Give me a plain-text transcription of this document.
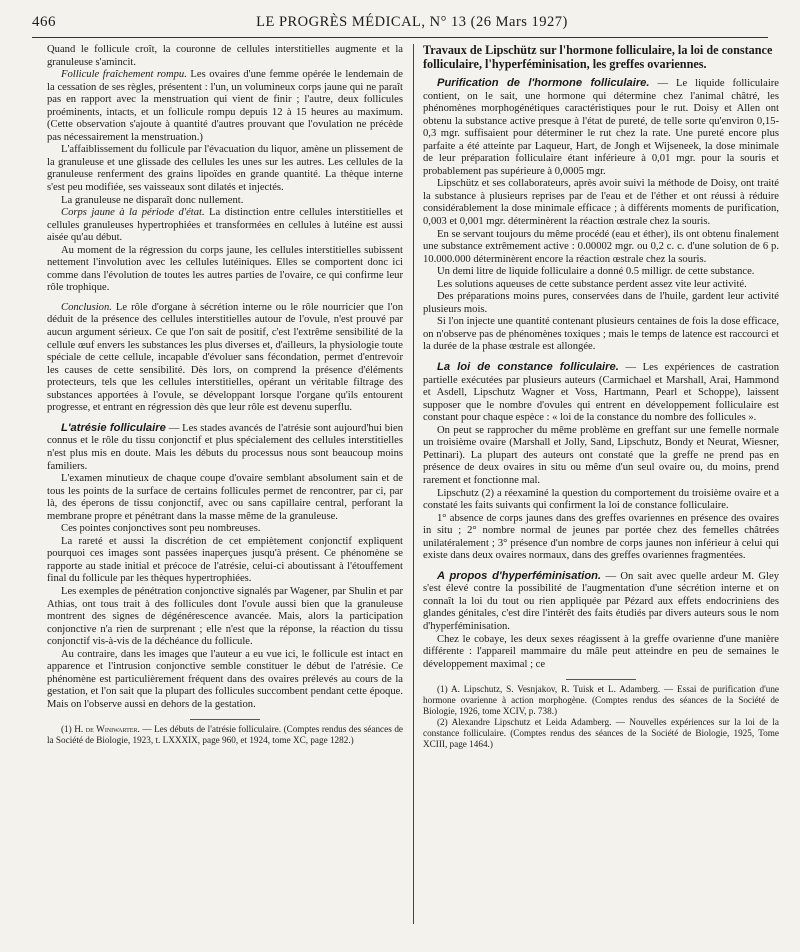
466	LE PROGRÈS MÉDICAL, N° 13 (26 Mars 1927)

Quand le follicule croît, la couronne de cellules interstitielles augmente et la granuleuse s'amincit.

Follicule fraîchement rompu. Les ovaires d'une femme opérée le lendemain de la cessation de ses règles, présentent : l'un, un volumineux corps jaune qui ne paraît pas en rapport avec la menstruation qui vient de finir ; l'autre, deux follicules proéminents, intacts, et un follicule rompu depuis 12 à 15 heures au maximum. (Cette observation s'ajoute à quantité d'autres prouvant que l'ovulation ne précède pas nécessairement la menstruation.)

L'affaiblissement du follicule par l'évacuation du liquor, amène un plissement de la granuleuse et une glissade des cellules les unes sur les autres. Les cellules de la granuleuse renferment des grains lipoïdes en grande quantité. La thèque interne s'est peu modifiée, ses vaisseaux sont dilatés et injectés.

La granuleuse ne disparaît donc nullement.

Corps jaune à la période d'état. La distinction entre cellules interstitielles et cellules granuleuses hypertrophiées et transformées en cellules à lutéine est aussi aisée qu'au début.

Au moment de la régression du corps jaune, les cellules interstitielles subissent nettement l'involution avec les cellules lutéiniques. Elles se comportent donc ici comme dans l'évolution de toutes les autres parties de l'ovaire, ce qui confirme leur rôle trophique.

Conclusion. Le rôle d'organe à sécrétion interne ou le rôle nourricier que l'on déduit de la présence des cellules interstitielles autour de l'ovule, n'est prouvé par aucun argument sérieux. Ce que l'on sait de positif, c'est l'extrême sensibilité de la cellule œuf envers les substances les plus diverses et, d'ailleurs, la physiologie toute spéciale de cette cellule, incapable d'évoluer sans fécondation, permet d'entrevoir les causes de cette sensibilité. Dès lors, on comprend la présence d'éléments protecteurs, tels que les cellules interstitielles, opérant un véritable filtrage des substances apportées à l'ovule, se développant lorsque l'organe qu'ils entourent progresse, et entrant en régression dès que leur rôle est devenu superflu.

L'atrésie folliculaire — Les stades avancés de l'atrésie sont aujourd'hui bien connus et le rôle du tissu conjonctif et plus spécialement des cellules interstitielles n'est plus mis en doute. Mais les débuts du processus nous sont beaucoup moins familiers.

L'examen minutieux de chaque coupe d'ovaire semblant absolument sain et de tous les points de la surface de certains follicules permet de rencontrer, par ci, par là, des éperons de tissu conjonctif, avec ou sans capillaire central, perforant la membrane propre et pénétrant dans la masse même de la granuleuse.

Ces pointes conjonctives sont peu nombreuses.

La rareté et aussi la discrétion de cet empiètement conjonctif expliquent pourquoi ces images sont passées inaperçues jusqu'à présent. Ce phénomène se rapporte au stade initial et précoce de l'atrésie, celui-ci aboutissant à l'étouffement final du follicule par les thèques hypertrophiées.

Les exemples de pénétration conjonctive signalés par Wagener, par Shulin et par Athias, ont tous trait à des follicules dont l'ovule aussi bien que la granuleuse montrent des signes de dégénérescence avancée. Mais, alors la participation conjonctive n'a rien de surprenant ; elle n'est que la réponse, la réaction du tissu conjonctif vis-à-vis de la déchéance du follicule.

Au contraire, dans les images que l'auteur a eu vue ici, le follicule est intact en apparence et l'intrusion conjonctive semble constituer le début de l'atrésie. Ce phénomène est particulièrement fréquent dans des ovaires prélevés au cours de la gestation, et l'on sait que la plupart des follicules succombent pendant cette époque. Mais on l'observe aussi en dehors de la gestation.

(1) H. de Winiwarter. — Les débuts de l'atrésie folliculaire. (Comptes rendus des séances de la Société de Biologie, 1923, t. LXXXIX, page 960, et 1924, tome XC, page 1282.)

Travaux de Lipschütz sur l'hormone folliculaire, la loi de constance folliculaire, l'hyperféminisation, les greffes ovariennes.

Purification de l'hormone folliculaire. — Le liquide folliculaire contient, on le sait, une hormone qui détermine chez l'animal châtré, les phénomènes morphogénétiques caractéristiques pour le rut. Doisy et Allen ont obtenu la substance active presque à l'état de pureté, de telle sorte qu'environ 0,15-0,3 mgr. suffisaient pour déterminer le rut chez la rate. Une pureté encore plus parfaite a été atteinte par Laqueur, Hart, de Jongh et Wijseneek, la dose minimale de leur préparation folliculaire étant inférieure à 0,01 mgr. pour la souris et probablement pas supérieure à 0,0005 mgr.

Lipschütz et ses collaborateurs, après avoir suivi la méthode de Doisy, ont traité la substance à plusieurs reprises par de l'eau et de l'éther et ont réussi à réduire considérablement la dose minimale efficace ; à différents moments de purification, 0,003 et 0,001 mgr. déterminèrent la réaction œstrale chez la souris.

En se servant toujours du même procédé (eau et éther), ils ont obtenu finalement une substance extrêmement active : 0.00002 mgr. ou 0,2 c. c. d'une solution de 6 p. 10.000.000 déterminèrent encore la réaction œstrale chez la souris.

Un demi litre de liquide folliculaire a donné 0.5 milligr. de cette substance.

Les solutions aqueuses de cette substance perdent assez vite leur activité.

Des préparations moins pures, conservées dans de l'huile, gardent leur activité plusieurs mois.

Si l'on injecte une quantité contenant plusieurs centaines de fois la dose efficace, on n'observe pas de phénomènes toxiques ; mais le temps de latence est raccourci et la durée de la phase œstrale est allongée.

La loi de constance folliculaire. — Les expériences de castration partielle exécutées par plusieurs auteurs (Carmichael et Marshall, Arai, Hammond et Asdell, Lipschutz Wagner et Voss, Hartmann, Pearl et Schoppe), laissent supposer que le nombre d'ovules qui entrent en développement folliculaire est constant pour chaque espèce : « loi de la constance du nombre des follicules ».

On peut se rapprocher du même problème en greffant sur une femelle normale un troisième ovaire (Marshall et Jolly, Sand, Lipschutz, Bondy et Neurat, Wiesner, Pettinari). La plupart des auteurs ont constaté que la greffe ne prend pas en présence de deux ovaires in situ ou même d'un seul ovaire ou, du moins, prend rarement et fonctionne mal.

Lipschutz (2) a réexaminé la question du comportement du troisième ovaire et a constaté les faits suivants qui confirment la loi de constance folliculaire.

1° absence de corps jaunes dans des greffes ovariennes en présence des ovaires in situ ; 2° nombre normal de jeunes par portée chez des femelles châtrées unilatéralement ; 3° présence d'un nombre de corps jaunes non inférieur à celui qui existe dans deux ovaires normaux, dans des greffes ovariennes fragmentées.

A propos d'hyperféminisation. — On sait avec quelle ardeur M. Gley s'est élevé contre la possibilité de l'augmentation d'une sécrétion interne et on connaît la loi du tout ou rien appliquée par Pézard aux effets endocriniens des glandes génitales, c'est dire l'intérêt des faits étudiés par divers auteurs sous le nom d'hyperféminisation.

Chez le cobaye, les deux sexes réagissent à la greffe ovarienne d'une manière différente : l'appareil mammaire du mâle peut atteindre en peu de semaines le développement maximal ; ce

(1) A. Lipschutz, S. Vesnjakov, R. Tuisk et L. Adamberg. — Essai de purification d'une hormone ovarienne à action morphogène. (Comptes rendus des séances de la Société de Biologie, 1926, tome XCIV, p. 738.)

(2) Alexandre Lipschutz et Leida Adamberg. — Nouvelles expériences sur la loi de la constance folliculaire. (Comptes rendus des séances de la Société de Biologie, 1925, Tome XCIII, page 1464.)
